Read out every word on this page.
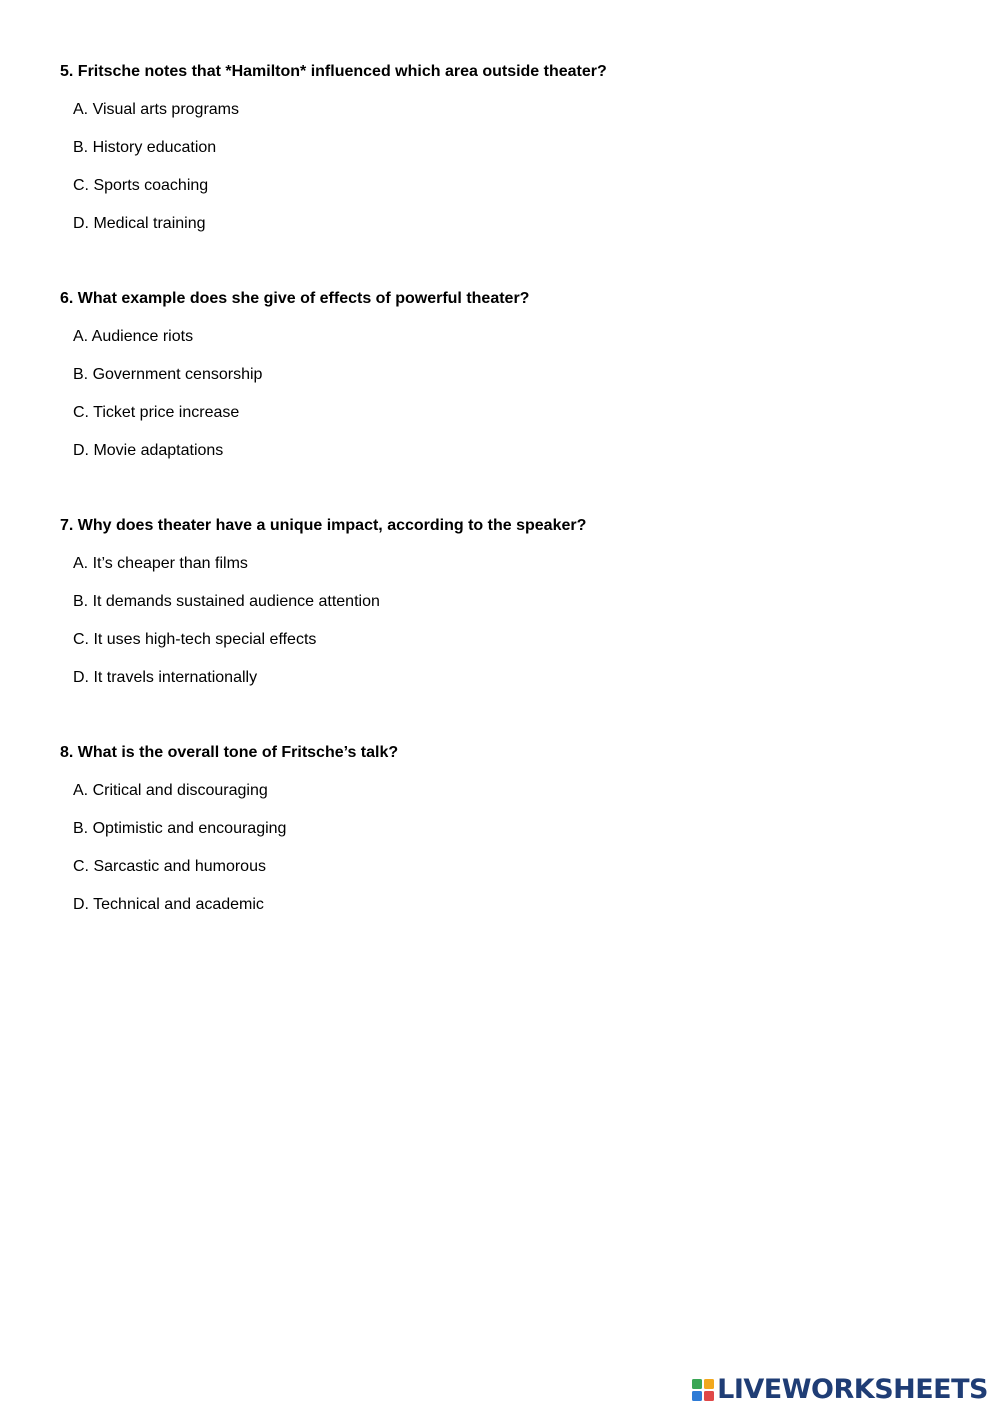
5. Fritsche notes that *Hamilton* influenced which area outside theater?

A. Visual arts programs
B. History education
C. Sports coaching
D. Medical training

6. What example does she give of effects of powerful theater?

A. Audience riots
B. Government censorship
C. Ticket price increase
D. Movie adaptations

7. Why does theater have a unique impact, according to the speaker?

A. It’s cheaper than films
B. It demands sustained audience attention
C. It uses high-tech special effects
D. It travels internationally

8. What is the overall tone of Fritsche’s talk?

A. Critical and discouraging
B. Optimistic and encouraging
C. Sarcastic and humorous
D. Technical and academic
LIVEWORKSHEETS
